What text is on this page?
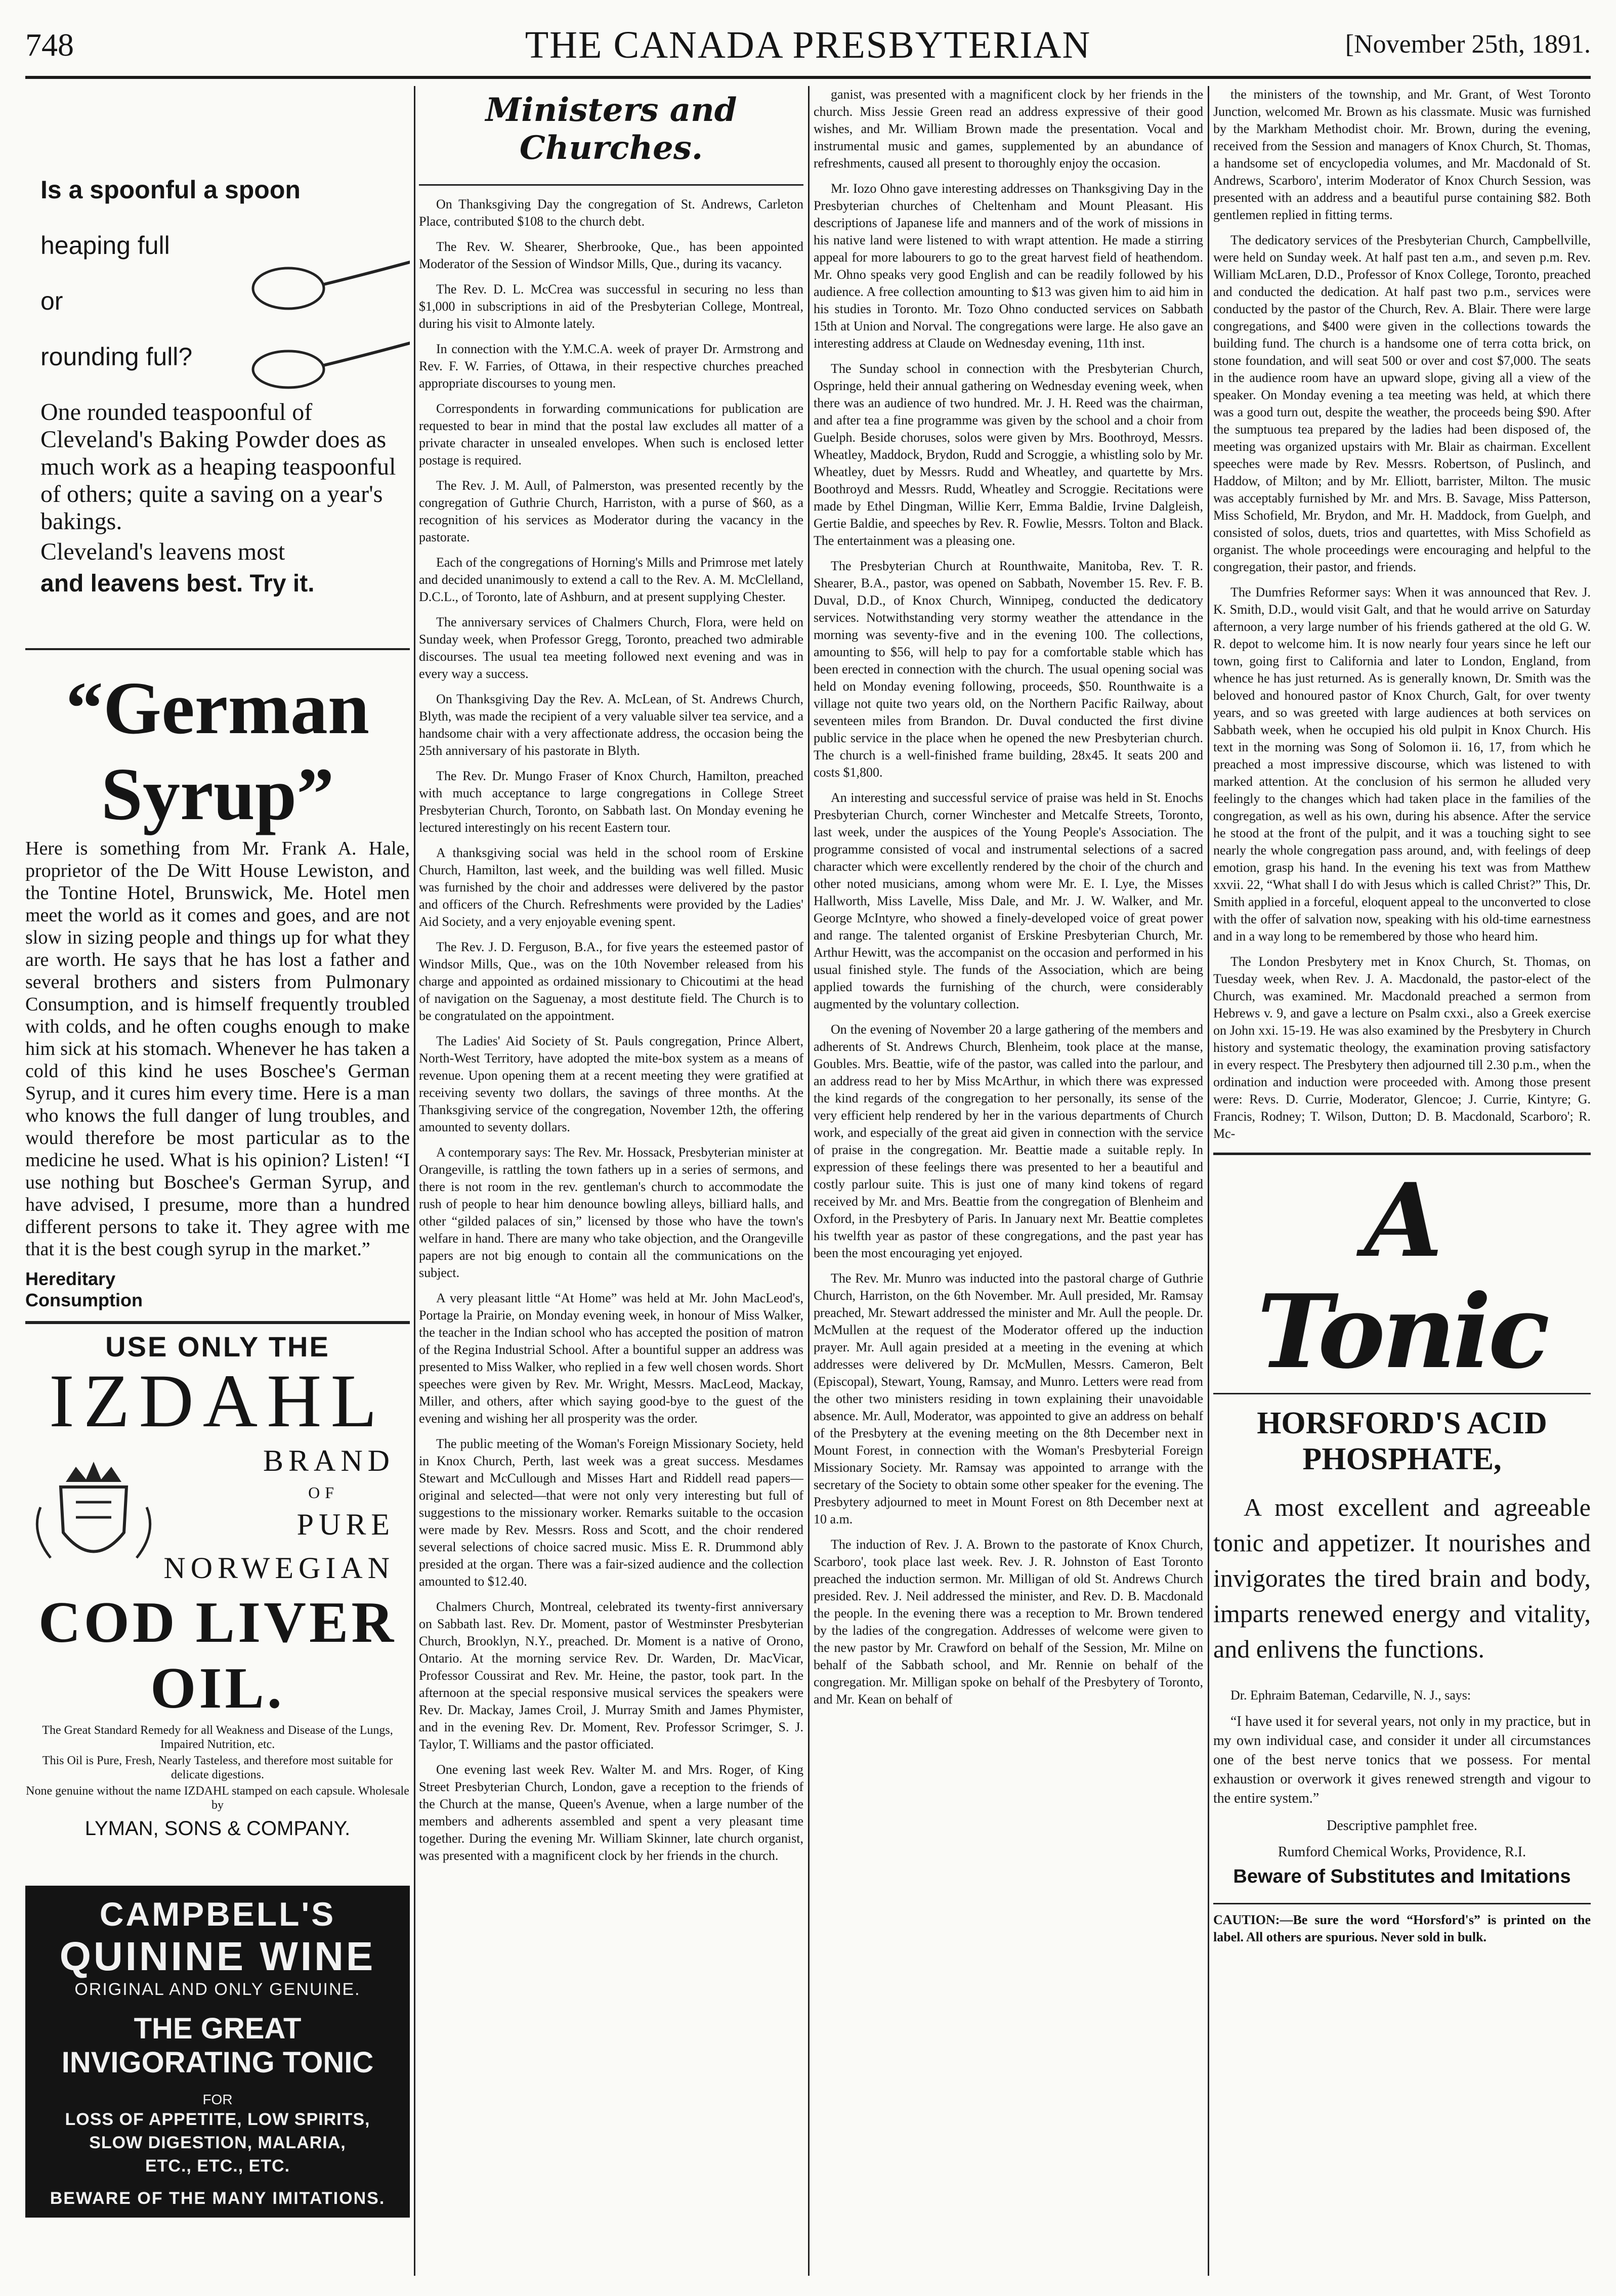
748	THE CANADA PRESBYTERIAN	[November 25th, 1891.
Is a spoonful a spoon
heaping full
or
rounding full?

One rounded teaspoonful of Cleveland's Baking Powder does as much work as a heaping teaspoonful of others; quite a saving on a year's bakings.

Cleveland's leavens most
and leavens best. Try it.
“German Syrup”

Here is something from Mr. Frank A. Hale, proprietor of the De Witt House Lewiston, and the Tontine Hotel, Brunswick, Me. Hotel men meet the world as it comes and goes, and are not slow in sizing people and things up for what they are worth. He says that he has lost a father and several brothers and sisters from Pulmonary Consumption, and is himself frequently troubled with colds, and he often coughs enough to make him sick at his stomach. Whenever he has taken a cold of this kind he uses Boschee's German Syrup, and it cures him every time. Here is a man who knows the full danger of lung troubles, and would therefore be most particular as to the medicine he used. What is his opinion? Listen! “I use nothing but Boschee's German Syrup, and have advised, I presume, more than a hundred different persons to take it. They agree with me that it is the best cough syrup in the market.”

Hereditary
Consumption
USE ONLY THE
IZDAHL
BRAND
OF
PURE
NORWEGIAN
COD LIVER OIL.

The Great Standard Remedy for all Weakness and Disease of the Lungs, Impaired Nutrition, etc.

This Oil is Pure, Fresh, Nearly Tasteless, and therefore most suitable for delicate digestions.

None genuine without the name IZDAHL stamped on each capsule. Wholesale by

LYMAN, SONS & COMPANY.
CAMPBELL'S
QUININE WINE
ORIGINAL AND ONLY GENUINE.
THE GREAT INVIGORATING TONIC
FOR
LOSS OF APPETITE, LOW SPIRITS,
SLOW DIGESTION, MALARIA,
ETC., ETC., ETC.
BEWARE OF THE MANY IMITATIONS.
Ministers and Churches.

On Thanksgiving Day the congregation of St. Andrews, Carleton Place, contributed $108 to the church debt.

The Rev. W. Shearer, Sherbrooke, Que., has been appointed Moderator of the Session of Windsor Mills, Que., during its vacancy.

The Rev. D. L. McCrea was successful in securing no less than $1,000 in subscriptions in aid of the Presbyterian College, Montreal, during his visit to Almonte lately.

In connection with the Y.M.C.A. week of prayer Dr. Armstrong and Rev. F. W. Farries, of Ottawa, in their respective churches preached appropriate discourses to young men.

Correspondents in forwarding communications for publication are requested to bear in mind that the postal law excludes all matter of a private character in unsealed envelopes. When such is enclosed letter postage is required.

The Rev. J. M. Aull, of Palmerston, was presented recently by the congregation of Guthrie Church, Harriston, with a purse of $60, as a recognition of his services as Moderator during the vacancy in the pastorate.

Each of the congregations of Horning's Mills and Primrose met lately and decided unanimously to extend a call to the Rev. A. M. McClelland, D.C.L., of Toronto, late of Ashburn, and at present supplying Chester.

The anniversary services of Chalmers Church, Flora, were held on Sunday week, when Professor Gregg, Toronto, preached two admirable discourses. The usual tea meeting followed next evening and was in every way a success.

On Thanksgiving Day the Rev. A. McLean, of St. Andrews Church, Blyth, was made the recipient of a very valuable silver tea service, and a handsome chair with a very affectionate address, the occasion being the 25th anniversary of his pastorate in Blyth.

The Rev. Dr. Mungo Fraser of Knox Church, Hamilton, preached with much acceptance to large congregations in College Street Presbyterian Church, Toronto, on Sabbath last. On Monday evening he lectured interestingly on his recent Eastern tour.

A thanksgiving social was held in the school room of Erskine Church, Hamilton, last week, and the building was well filled. Music was furnished by the choir and addresses were delivered by the pastor and officers of the Church. Refreshments were provided by the Ladies' Aid Society, and a very enjoyable evening spent.

The Rev. J. D. Ferguson, B.A., for five years the esteemed pastor of Windsor Mills, Que., was on the 10th November released from his charge and appointed as ordained missionary to Chicoutimi at the head of navigation on the Saguenay, a most destitute field. The Church is to be congratulated on the appointment.

The Ladies' Aid Society of St. Pauls congregation, Prince Albert, North-West Territory, have adopted the mite-box system as a means of revenue. Upon opening them at a recent meeting they were gratified at receiving seventy two dollars, the savings of three months. At the Thanksgiving service of the congregation, November 12th, the offering amounted to seventy dollars.

A contemporary says: The Rev. Mr. Hossack, Presbyterian minister at Orangeville, is rattling the town fathers up in a series of sermons, and there is not room in the rev. gentleman's church to accommodate the rush of people to hear him denounce bowling alleys, billiard halls, and other “gilded palaces of sin,” licensed by those who have the town's welfare in hand. There are many who take objection, and the Orangeville papers are not big enough to contain all the communications on the subject.

A very pleasant little “At Home” was held at Mr. John MacLeod's, Portage la Prairie, on Monday evening week, in honour of Miss Walker, the teacher in the Indian school who has accepted the position of matron of the Regina Industrial School. After a bountiful supper an address was presented to Miss Walker, who replied in a few well chosen words. Short speeches were given by Rev. Mr. Wright, Messrs. MacLeod, Mackay, Miller, and others, after which saying good-bye to the guest of the evening and wishing her all prosperity was the order.

The public meeting of the Woman's Foreign Missionary Society, held in Knox Church, Perth, last week was a great success. Mesdames Stewart and McCullough and Misses Hart and Riddell read papers—original and selected—that were not only very interesting but full of suggestions to the missionary worker. Remarks suitable to the occasion were made by Rev. Messrs. Ross and Scott, and the choir rendered several selections of choice sacred music. Miss E. R. Drummond ably presided at the organ. There was a fair-sized audience and the collection amounted to $12.40.

Chalmers Church, Montreal, celebrated its twenty-first anniversary on Sabbath last. Rev. Dr. Moment, pastor of Westminster Presbyterian Church, Brooklyn, N.Y., preached. Dr. Moment is a native of Orono, Ontario. At the morning service Rev. Dr. Warden, Dr. MacVicar, Professor Coussirat and Rev. Mr. Heine, the pastor, took part. In the afternoon at the special responsive musical services the speakers were Rev. Dr. Mackay, James Croil, J. Murray Smith and James Phymister, and in the evening Rev. Dr. Moment, Rev. Professor Scrimger, S. J. Taylor, T. Williams and the pastor officiated.

One evening last week Rev. Walter M. and Mrs. Roger, of King Street Presbyterian Church, London, gave a reception to the friends of the Church at the manse, Queen's Avenue, when a large number of the members and adherents assembled and spent a very pleasant time together. During the evening Mr. William Skinner, late church organist, was presented with a magnificent clock by her friends in the church.

ganist, was presented with a magnificent clock by her friends in the church. Miss Jessie Green read an address expressive of their good wishes, and Mr. William Brown made the presentation. Vocal and instrumental music and games, supplemented by an abundance of refreshments, caused all present to thoroughly enjoy the occasion.

Mr. Iozo Ohno gave interesting addresses on Thanksgiving Day in the Presbyterian churches of Cheltenham and Mount Pleasant. His descriptions of Japanese life and manners and of the work of missions in his native land were listened to with wrapt attention. He made a stirring appeal for more labourers to go to the great harvest field of heathendom. Mr. Ohno speaks very good English and can be readily followed by his audience. A free collection amounting to $13 was given him to aid him in his studies in Toronto. Mr. Tozo Ohno conducted services on Sabbath 15th at Union and Norval. The congregations were large. He also gave an interesting address at Claude on Wednesday evening, 11th inst.

The Sunday school in connection with the Presbyterian Church, Ospringe, held their annual gathering on Wednesday evening week, when there was an audience of two hundred. Mr. J. H. Reed was the chairman, and after tea a fine programme was given by the school and a choir from Guelph. Beside choruses, solos were given by Mrs. Boothroyd, Messrs. Wheatley, Maddock, Brydon, Rudd and Scroggie, a whistling solo by Mr. Wheatley, duet by Messrs. Rudd and Wheatley, and quartette by Mrs. Boothroyd and Messrs. Rudd, Wheatley and Scroggie. Recitations were made by Ethel Dingman, Willie Kerr, Emma Baldie, Irvine Dalgleish, Gertie Baldie, and speeches by Rev. R. Fowlie, Messrs. Tolton and Black. The entertainment was a pleasing one.

The Presbyterian Church at Rounthwaite, Manitoba, Rev. T. R. Shearer, B.A., pastor, was opened on Sabbath, November 15. Rev. F. B. Duval, D.D., of Knox Church, Winnipeg, conducted the dedicatory services. Notwithstanding very stormy weather the attendance in the morning was seventy-five and in the evening 100. The collections, amounting to $56, will help to pay for a comfortable stable which has been erected in connection with the church. The usual opening social was held on Monday evening following, proceeds, $50. Rounthwaite is a village not quite two years old, on the Northern Pacific Railway, about seventeen miles from Brandon. Dr. Duval conducted the first divine public service in the place when he opened the new Presbyterian church. The church is a well-finished frame building, 28x45. It seats 200 and costs $1,800.

An interesting and successful service of praise was held in St. Enochs Presbyterian Church, corner Winchester and Metcalfe Streets, Toronto, last week, under the auspices of the Young People's Association. The programme consisted of vocal and instrumental selections of a sacred character which were excellently rendered by the choir of the church and other noted musicians, among whom were Mr. E. I. Lye, the Misses Hallworth, Miss Lavelle, Miss Dale, and Mr. J. W. Walker, and Mr. George McIntyre, who showed a finely-developed voice of great power and range. The talented organist of Erskine Presbyterian Church, Mr. Arthur Hewitt, was the accompanist on the occasion and performed in his usual finished style. The funds of the Association, which are being applied towards the furnishing of the church, were considerably augmented by the voluntary collection.

On the evening of November 20 a large gathering of the members and adherents of St. Andrews Church, Blenheim, took place at the manse, Goubles. Mrs. Beattie, wife of the pastor, was called into the parlour, and an address read to her by Miss McArthur, in which there was expressed the kind regards of the congregation to her personally, its sense of the very efficient help rendered by her in the various departments of Church work, and especially of the great aid given in connection with the service of praise in the congregation. Mr. Beattie made a suitable reply. In expression of these feelings there was presented to her a beautiful and costly parlour suite. This is just one of many kind tokens of regard received by Mr. and Mrs. Beattie from the congregation of Blenheim and Oxford, in the Presbytery of Paris. In January next Mr. Beattie completes his twelfth year as pastor of these congregations, and the past year has been the most encouraging yet enjoyed.

The Rev. Mr. Munro was inducted into the pastoral charge of Guthrie Church, Harriston, on the 6th November. Mr. Aull presided, Mr. Ramsay preached, Mr. Stewart addressed the minister and Mr. Aull the people. Dr. McMullen at the request of the Moderator offered up the induction prayer. Mr. Aull again presided at a meeting in the evening at which addresses were delivered by Dr. McMullen, Messrs. Cameron, Belt (Episcopal), Stewart, Young, Ramsay, and Munro. Letters were read from the other two ministers residing in town explaining their unavoidable absence. Mr. Aull, Moderator, was appointed to give an address on behalf of the Presbytery at the evening meeting on the 8th December next in Mount Forest, in connection with the Woman's Presbyterial Foreign Missionary Society. Mr. Ramsay was appointed to arrange with the secretary of the Society to obtain some other speaker for the evening. The Presbytery adjourned to meet in Mount Forest on 8th December next at 10 a.m.

The induction of Rev. J. A. Brown to the pastorate of Knox Church, Scarboro', took place last week. Rev. J. R. Johnston of East Toronto preached the induction sermon. Mr. Milligan of old St. Andrews Church presided. Rev. J. Neil addressed the minister, and Rev. D. B. Macdonald the people. In the evening there was a reception to Mr. Brown tendered by the ladies of the congregation. Addresses of welcome were given to the new pastor by Mr. Crawford on behalf of the Session, Mr. Milne on behalf of the Sabbath school, and Mr. Rennie on behalf of the congregation. Mr. Milligan spoke on behalf of the Presbytery of Toronto, and Mr. Kean on behalf of

the ministers of the township, and Mr. Grant, of West Toronto Junction, welcomed Mr. Brown as his classmate. Music was furnished by the Markham Methodist choir. Mr. Brown, during the evening, received from the Session and managers of Knox Church, St. Thomas, a handsome set of encyclopedia volumes, and Mr. Macdonald of St. Andrews, Scarboro', interim Moderator of Knox Church Session, was presented with an address and a beautiful purse containing $82. Both gentlemen replied in fitting terms.

The dedicatory services of the Presbyterian Church, Campbellville, were held on Sunday week. At half past ten a.m., and seven p.m. Rev. William McLaren, D.D., Professor of Knox College, Toronto, preached and conducted the dedication. At half past two p.m., services were conducted by the pastor of the Church, Rev. A. Blair. There were large congregations, and $400 were given in the collections towards the building fund. The church is a handsome one of terra cotta brick, on stone foundation, and will seat 500 or over and cost $7,000. The seats in the audience room have an upward slope, giving all a view of the speaker. On Monday evening a tea meeting was held, at which there was a good turn out, despite the weather, the proceeds being $90. After the sumptuous tea prepared by the ladies had been disposed of, the meeting was organized upstairs with Mr. Blair as chairman. Excellent speeches were made by Rev. Messrs. Robertson, of Puslinch, and Haddow, of Milton; and by Mr. Elliott, barrister, Milton. The music was acceptably furnished by Mr. and Mrs. B. Savage, Miss Patterson, Miss Schofield, Mr. Brydon, and Mr. H. Maddock, from Guelph, and consisted of solos, duets, trios and quartettes, with Miss Schofield as organist. The whole proceedings were encouraging and helpful to the congregation, their pastor, and friends.

The Dumfries Reformer says: When it was announced that Rev. J. K. Smith, D.D., would visit Galt, and that he would arrive on Saturday afternoon, a very large number of his friends gathered at the old G. W. R. depot to welcome him. It is now nearly four years since he left our town, going first to California and later to London, England, from whence he has just returned. As is generally known, Dr. Smith was the beloved and honoured pastor of Knox Church, Galt, for over twenty years, and so was greeted with large audiences at both services on Sabbath week, when he occupied his old pulpit in Knox Church. His text in the morning was Song of Solomon ii. 16, 17, from which he preached a most impressive discourse, which was listened to with marked attention. At the conclusion of his sermon he alluded very feelingly to the changes which had taken place in the families of the congregation, as well as his own, during his absence. After the service he stood at the front of the pulpit, and it was a touching sight to see nearly the whole congregation pass around, and, with feelings of deep emotion, grasp his hand. In the evening his text was from Matthew xxvii. 22, “What shall I do with Jesus which is called Christ?” This, Dr. Smith applied in a forceful, eloquent appeal to the unconverted to close with the offer of salvation now, speaking with his old-time earnestness and in a way long to be remembered by those who heard him.

The London Presbytery met in Knox Church, St. Thomas, on Tuesday week, when Rev. J. A. Macdonald, the pastor-elect of the Church, was examined. Mr. Macdonald preached a sermon from Hebrews v. 9, and gave a lecture on Psalm cxxi., also a Greek exercise on John xxi. 15-19. He was also examined by the Presbytery in Church history and systematic theology, the examination proving satisfactory in every respect. The Presbytery then adjourned till 2.30 p.m., when the ordination and induction were proceeded with. Among those present were: Revs. D. Currie, Moderator, Glencoe; J. Currie, Kintyre; G. Francis, Rodney; T. Wilson, Dutton; D. B. Macdonald, Scarboro'; R. Mc-

A Tonic
HORSFORD'S ACID PHOSPHATE,

A most excellent and agreeable tonic and appetizer. It nourishes and invigorates the tired brain and body, imparts renewed energy and vitality, and enlivens the functions.

Dr. Ephraim Bateman, Cedarville, N. J., says:

“I have used it for several years, not only in my practice, but in my own individual case, and consider it under all circumstances one of the best nerve tonics that we possess. For mental exhaustion or overwork it gives renewed strength and vigour to the entire system.”

Descriptive pamphlet free.

Rumford Chemical Works, Providence, R.I.

Beware of Substitutes and Imitations

CAUTION:—Be sure the word “Horsford's” is printed on the label. All others are spurious. Never sold in bulk.
